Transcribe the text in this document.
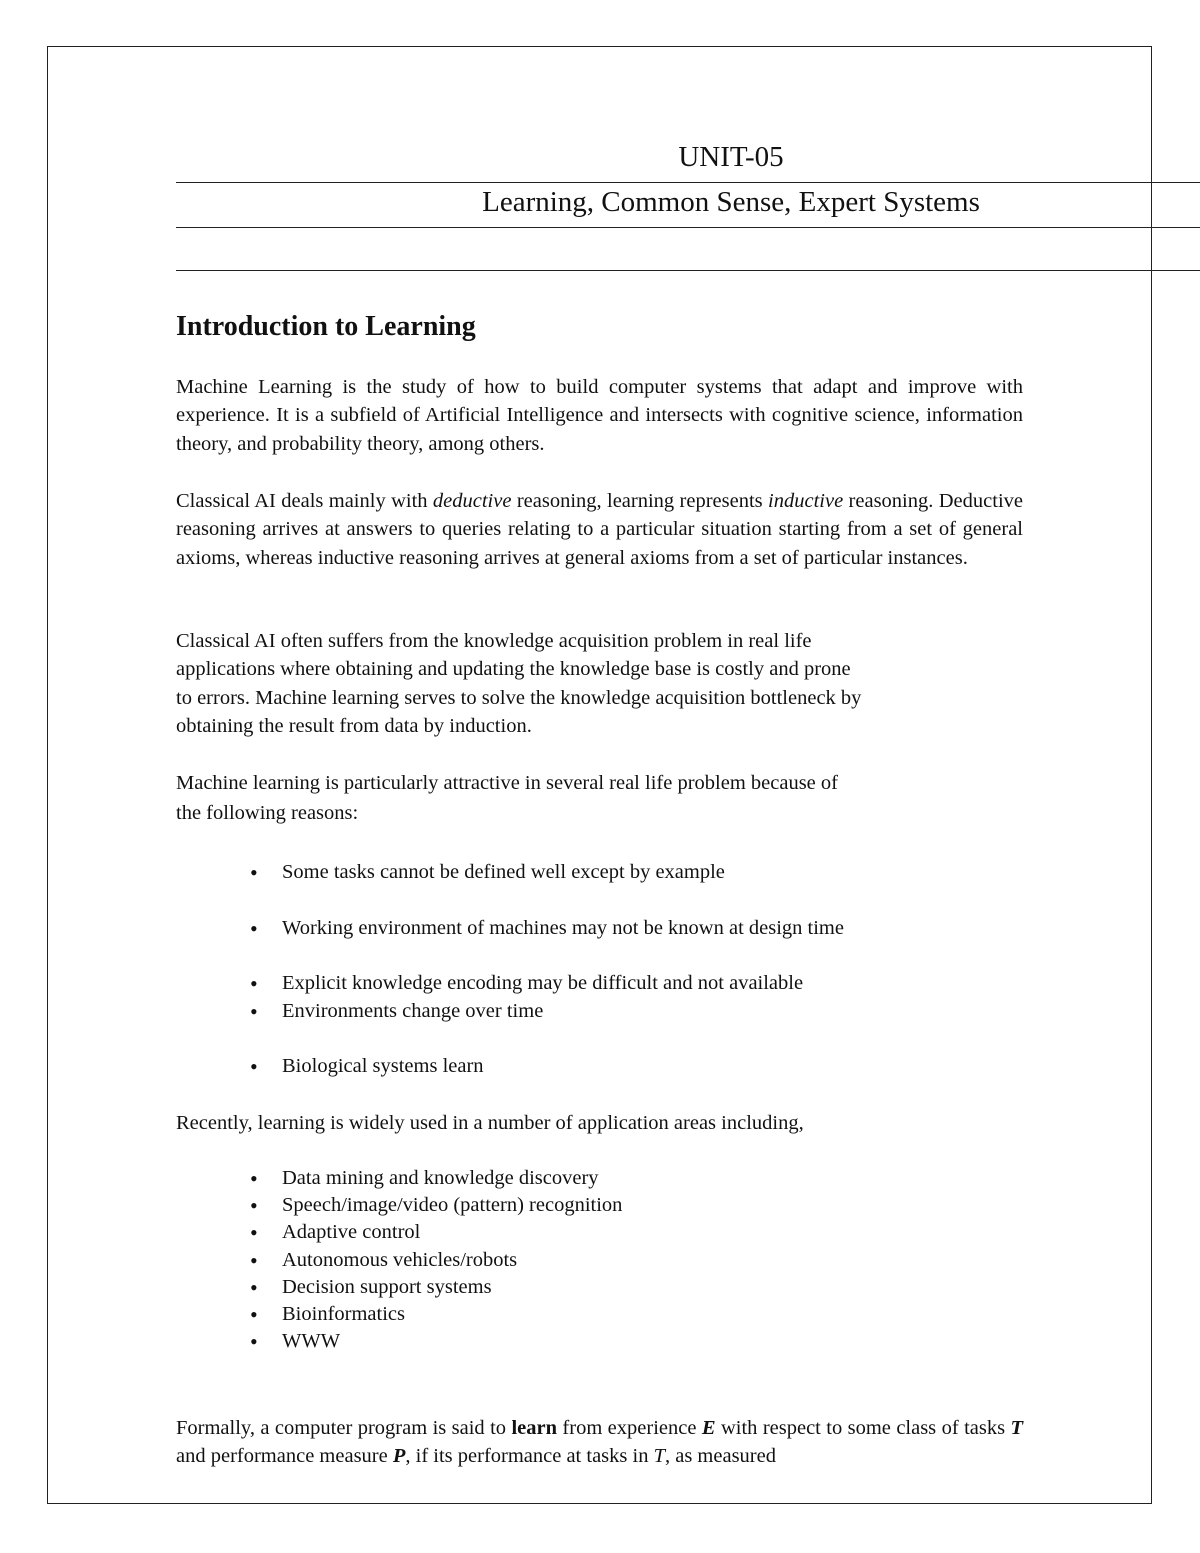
UNIT-05
Learning, Common Sense, Expert Systems
Introduction to Learning

Machine Learning is the study of how to build computer systems that adapt and improve with experience. It is a subfield of Artificial Intelligence and intersects with cognitive science, information theory, and probability theory, among others.

Classical AI deals mainly with deductive reasoning, learning represents inductive reasoning. Deductive reasoning arrives at answers to queries relating to a particular situation starting from a set of general axioms, whereas inductive reasoning arrives at general axioms from a set of particular instances.

Classical AI often suffers from the knowledge acquisition problem in real life
applications where obtaining and updating the knowledge base is costly and prone
to errors. Machine learning serves to solve the knowledge acquisition bottleneck by
obtaining the result from data by induction.
Machine learning is particularly attractive in several real life problem because of
the following reasons:
• Some tasks cannot be defined well except by example
• Working environment of machines may not be known at design time
• Explicit knowledge encoding may be difficult and not available
• Environments change over time
• Biological systems learn

Recently, learning is widely used in a number of application areas including,

• Data mining and knowledge discovery
• Speech/image/video (pattern) recognition
• Adaptive control
• Autonomous vehicles/robots
• Decision support systems
• Bioinformatics
• WWW

Formally, a computer program is said to learn from experience E with respect to some class of tasks T and performance measure P, if its performance at tasks in T, as measured
